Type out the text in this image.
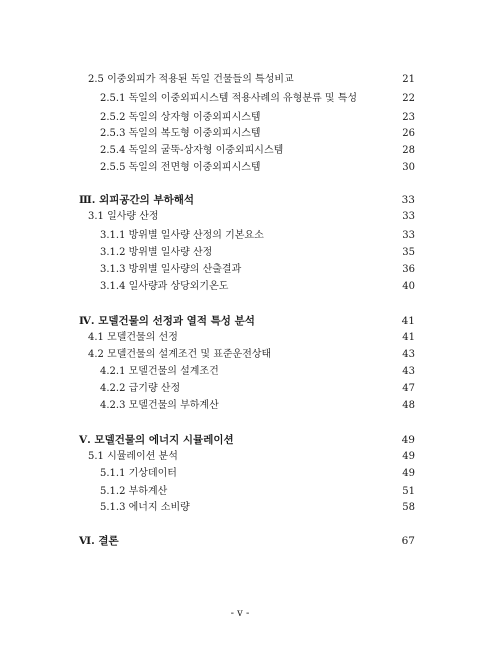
2.5 이중외피가 적용된 독일 건물들의 특성비교	21
2.5.1 독일의 이중외피시스템 적용사례의 유형분류 및 특성	22
2.5.2 독일의 상자형 이중외피시스템	23
2.5.3 독일의 복도형 이중외피시스템	26
2.5.4 독일의 굴뚝-상자형 이중외피시스템	28
2.5.5 독일의 전면형 이중외피시스템	30
Ⅲ. 외피공간의 부하해석	33
3.1 일사량 산정	33
3.1.1 방위별 일사량 산정의 기본요소	33
3.1.2 방위별 일사량 산정	35
3.1.3 방위별 일사량의 산출결과	36
3.1.4 일사량과 상당외기온도	40
Ⅳ. 모델건물의 선정과 열적 특성 분석	41
4.1 모델건물의 선정	41
4.2 모델건물의 설계조건 및 표준운전상태	43
4.2.1 모델건물의 설계조건	43
4.2.2 급기량 산정	47
4.2.3 모델건물의 부하계산	48
Ⅴ. 모델건물의 에너지 시뮬레이션	49
5.1 시뮬레이션 분석	49
5.1.1 기상데이터	49
5.1.2 부하계산	51
5.1.3 에너지 소비량	58
Ⅵ. 결론	67
- v -
